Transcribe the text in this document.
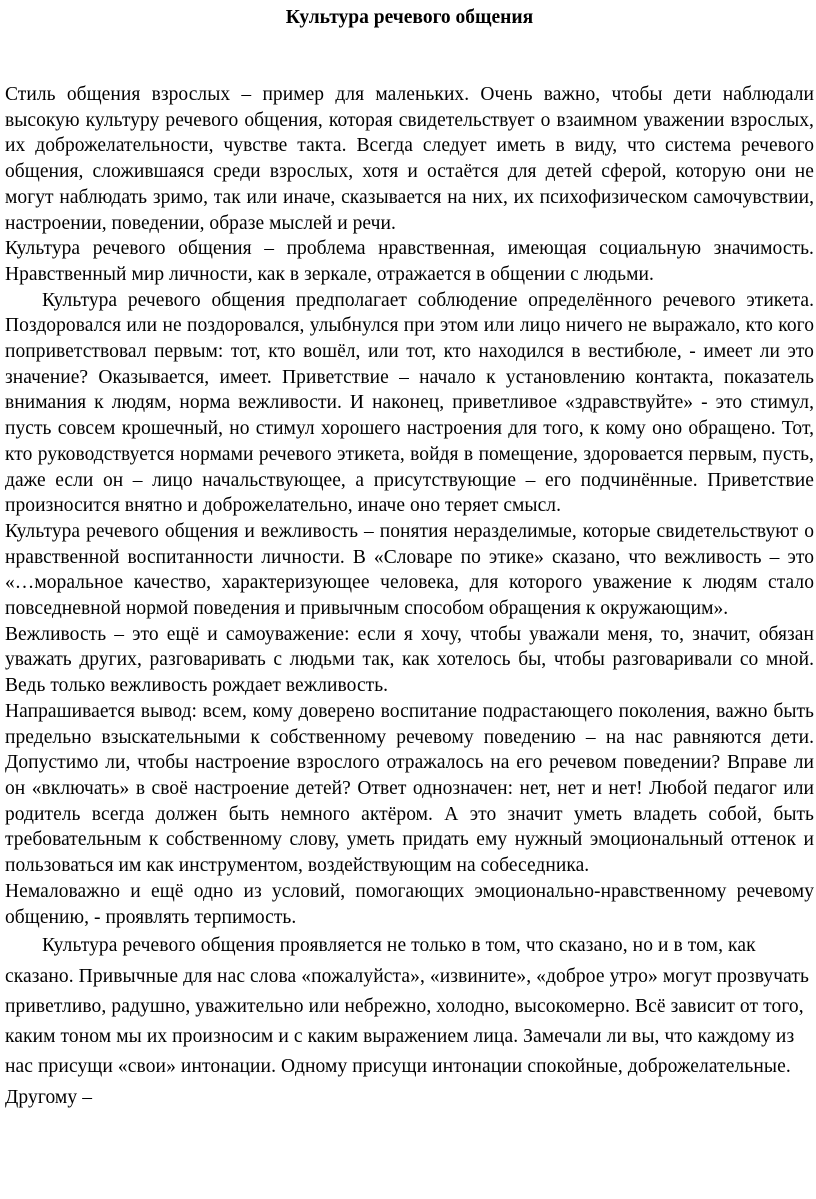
Культура речевого общения

Стиль общения взрослых – пример для маленьких. Очень важно, чтобы дети наблюдали высокую культуру речевого общения, которая свидетельствует о взаимном уважении взрослых, их доброжелательности, чувстве такта. Всегда следует иметь в виду, что система речевого общения, сложившаяся среди взрослых, хотя и остаётся для детей сферой, которую они не могут наблюдать зримо, так или иначе, сказывается на них, их психофизическом самочувствии, настроении, поведении, образе мыслей и речи.

Культура речевого общения – проблема нравственная, имеющая социальную значимость. Нравственный мир личности, как в зеркале, отражается в общении с людьми.

Культура речевого общения предполагает соблюдение определённого речевого этикета. Поздоровался или не поздоровался, улыбнулся при этом или лицо ничего не выражало, кто кого поприветствовал первым: тот, кто вошёл, или тот, кто находился в вестибюле, - имеет ли это значение? Оказывается, имеет. Приветствие – начало к установлению контакта, показатель внимания к людям, норма вежливости. И наконец, приветливое «здравствуйте» - это стимул, пусть совсем крошечный, но стимул хорошего настроения для того, к кому оно обращено. Тот, кто руководствуется нормами речевого этикета, войдя в помещение, здоровается первым, пусть, даже если он – лицо начальствующее, а присутствующие – его подчинённые. Приветствие произносится внятно и доброжелательно, иначе оно теряет смысл.

Культура речевого общения и вежливость – понятия неразделимые, которые свидетельствуют о нравственной воспитанности личности. В «Словаре по этике» сказано, что вежливость – это «…моральное качество, характеризующее человека, для которого уважение к людям стало повседневной нормой поведения и привычным способом обращения к окружающим».

Вежливость – это ещё и самоуважение: если я хочу, чтобы уважали меня, то, значит, обязан уважать других, разговаривать с людьми так, как хотелось бы, чтобы разговаривали со мной. Ведь только вежливость рождает вежливость.

Напрашивается вывод: всем, кому доверено воспитание подрастающего поколения, важно быть предельно взыскательными к собственному речевому поведению – на нас равняются дети. Допустимо ли, чтобы настроение взрослого отражалось на его речевом поведении? Вправе ли он «включать» в своё настроение детей? Ответ однозначен: нет, нет и нет! Любой педагог или родитель всегда должен быть немного актёром. А это значит уметь владеть собой, быть требовательным к собственному слову, уметь придать ему нужный эмоциональный оттенок и пользоваться им как инструментом, воздействующим на собеседника.

Немаловажно и ещё одно из условий, помогающих эмоционально-нравственному речевому общению, - проявлять терпимость.

Культура речевого общения проявляется не только в том, что сказано, но и в том, как сказано. Привычные для нас слова «пожалуйста», «извините», «доброе утро» могут прозвучать приветливо, радушно, уважительно или небрежно, холодно, высокомерно. Всё зависит от того, каким тоном мы их произносим и с каким выражением лица. Замечали ли вы, что каждому из нас присущи «свои» интонации. Одному присущи интонации спокойные, доброжелательные. Другому –
